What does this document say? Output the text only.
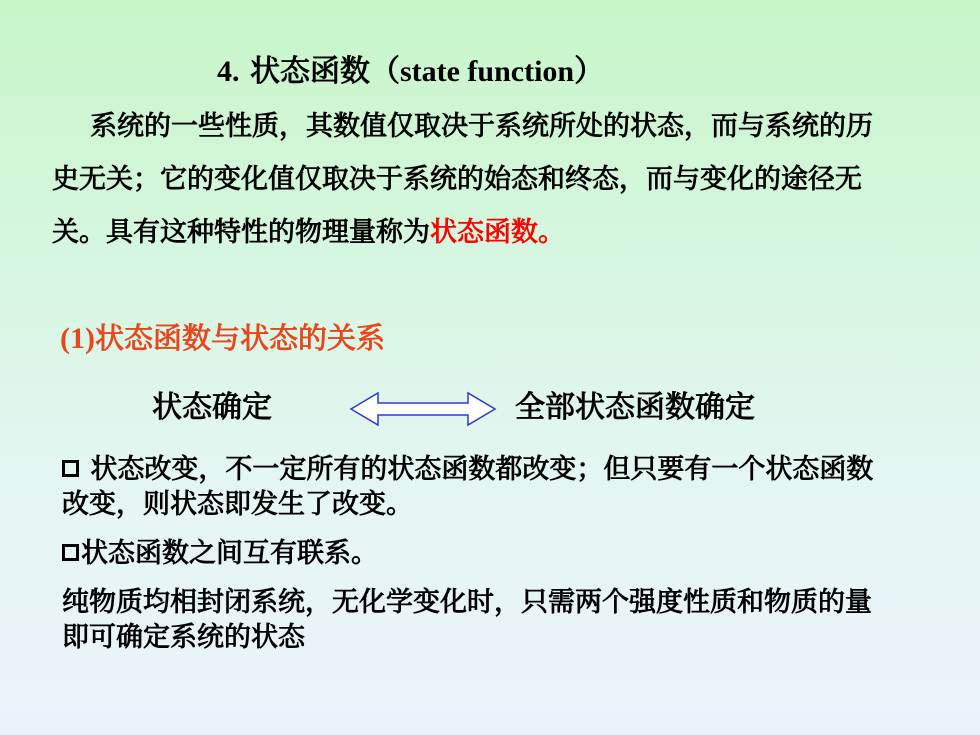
4. 状态函数（state function）
系统的一些性质，其数值仅取决于系统所处的状态，而与系统的历史无关；它的变化值仅取决于系统的始态和终态，而与变化的途径无关。具有这种特性的物理量称为状态函数。
(1)状态函数与状态的关系
状态确定	全部状态函数确定
状态改变，不一定所有的状态函数都改变；但只要有一个状态函数改变，则状态即发生了改变。
状态函数之间互有联系。
纯物质均相封闭系统，无化学变化时，只需两个强度性质和物质的量即可确定系统的状态
